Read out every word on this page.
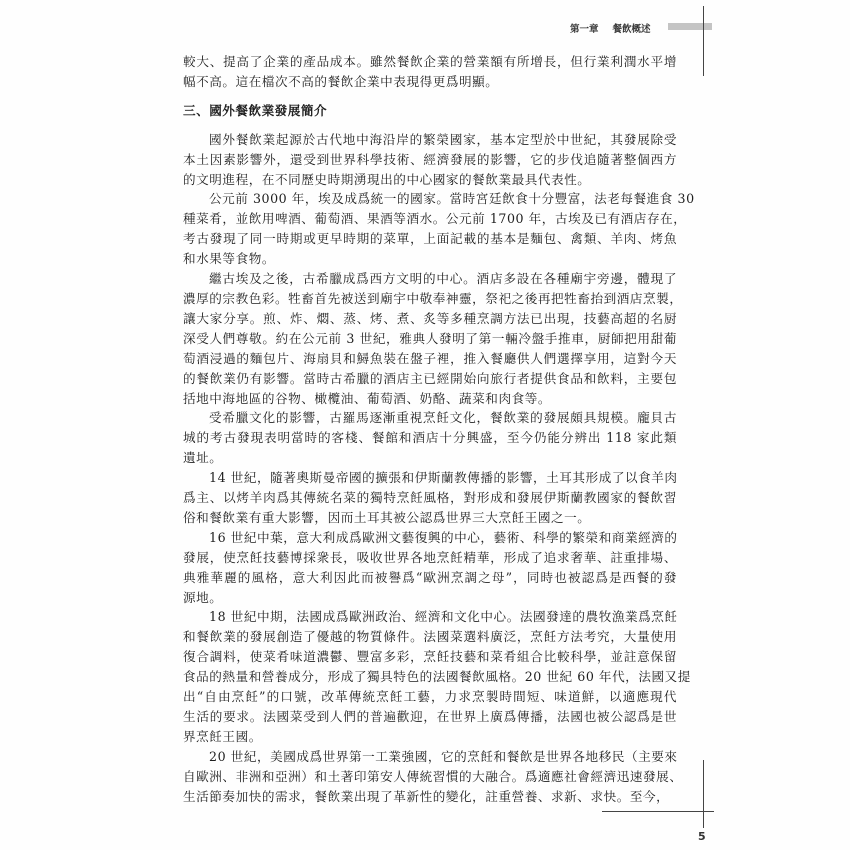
第一章 餐飲概述
5

較大、提高了企業的產品成本。雖然餐飲企業的營業額有所增長，但行業利潤水平增
幅不高。這在檔次不高的餐飲企業中表現得更爲明顯。

三、國外餐飲業發展簡介

國外餐飲業起源於古代地中海沿岸的繁榮國家，基本定型於中世紀，其發展除受
本土因素影響外，還受到世界科學技術、經濟發展的影響，它的步伐追隨著整個西方
的文明進程，在不同歷史時期湧現出的中心國家的餐飲業最具代表性。

公元前 3000 年，埃及成爲統一的國家。當時宮廷飲食十分豐富，法老每餐進食 30
種菜肴，並飲用啤酒、葡萄酒、果酒等酒水。公元前 1700 年，古埃及已有酒店存在，
考古發現了同一時期或更早時期的菜單，上面記載的基本是麵包、禽類、羊肉、烤魚
和水果等食物。

繼古埃及之後，古希臘成爲西方文明的中心。酒店多設在各種廟宇旁邊，體現了
濃厚的宗教色彩。牲畜首先被送到廟宇中敬奉神靈，祭祀之後再把牲畜抬到酒店烹製，
讓大家分享。煎、炸、燜、蒸、烤、煮、炙等多種烹調方法已出現，技藝高超的名厨
深受人們尊敬。約在公元前 3 世紀，雅典人發明了第一輛冷盤手推車，厨師把用甜葡
萄酒浸過的麵包片、海扇貝和鱘魚裝在盤子裡，推入餐廳供人們選擇享用，這對今天
的餐飲業仍有影響。當時古希臘的酒店主已經開始向旅行者提供食品和飲料，主要包
括地中海地區的谷物、橄欖油、葡萄酒、奶酪、蔬菜和肉食等。

受希臘文化的影響，古羅馬逐漸重視烹飪文化，餐飲業的發展頗具規模。龐貝古
城的考古發現表明當時的客棧、餐館和酒店十分興盛，至今仍能分辨出 118 家此類
遺址。

14 世紀，隨著奧斯曼帝國的擴張和伊斯蘭教傳播的影響，土耳其形成了以食羊肉
爲主、以烤羊肉爲其傳統名菜的獨特烹飪風格，對形成和發展伊斯蘭教國家的餐飲習
俗和餐飲業有重大影響，因而土耳其被公認爲世界三大烹飪王國之一。

16 世紀中葉，意大利成爲歐洲文藝復興的中心，藝術、科學的繁榮和商業經濟的
發展，使烹飪技藝博採衆長，吸收世界各地烹飪精華，形成了追求奢華、註重排場、
典雅華麗的風格，意大利因此而被譽爲“歐洲烹調之母”，同時也被認爲是西餐的發
源地。

18 世紀中期，法國成爲歐洲政治、經濟和文化中心。法國發達的農牧漁業爲烹飪
和餐飲業的發展創造了優越的物質條件。法國菜選料廣泛，烹飪方法考究，大量使用
復合調料，使菜肴味道濃鬱、豐富多彩，烹飪技藝和菜肴組合比較科學，並註意保留
食品的熱量和營養成分，形成了獨具特色的法國餐飲風格。20 世紀 60 年代，法國又提
出“自由烹飪”的口號，改革傳統烹飪工藝，力求烹製時間短、味道鮮，以適應現代
生活的要求。法國菜受到人們的普遍歡迎，在世界上廣爲傳播，法國也被公認爲是世
界烹飪王國。

20 世紀，美國成爲世界第一工業強國，它的烹飪和餐飲是世界各地移民（主要來
自歐洲、非洲和亞洲）和土著印第安人傳統習慣的大融合。爲適應社會經濟迅速發展、
生活節奏加快的需求，餐飲業出現了革新性的變化，註重營養、求新、求快。至今，
